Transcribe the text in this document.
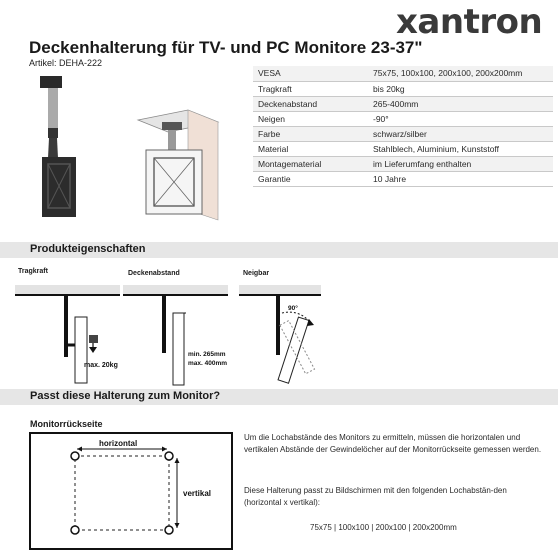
xantron
Deckenhalterung für TV- und PC Monitore 23-37"
Artikel: DEHA-222
VESA	75x75, 100x100, 200x100, 200x200mm
Tragkraft	bis 20kg
Deckenabstand	265-400mm
Neigen	-90°
Farbe	schwarz/silber
Material	Stahlblech, Aluminium, Kunststoff
Montagematerial	im Lieferumfang enthalten
Garantie	10 Jahre
Produkteigenschaften
Tragkraft	Deckenabstand	Neigbar
max. 20kg
min. 265mm
max. 400mm
90°
Passt diese Halterung zum Monitor?
Monitorrückseite
horizontal
vertikal
Um die Lochabstände des Monitors zu ermitteln, müssen die horizontalen und vertikalen Abstände der Gewindelöcher auf der Monitorrückseite gemessen werden.
Diese Halterung passt zu Bildschirmen mit den folgenden Lochabstän-den (horizontal x vertikal):
75x75 | 100x100 | 200x100 | 200x200mm
